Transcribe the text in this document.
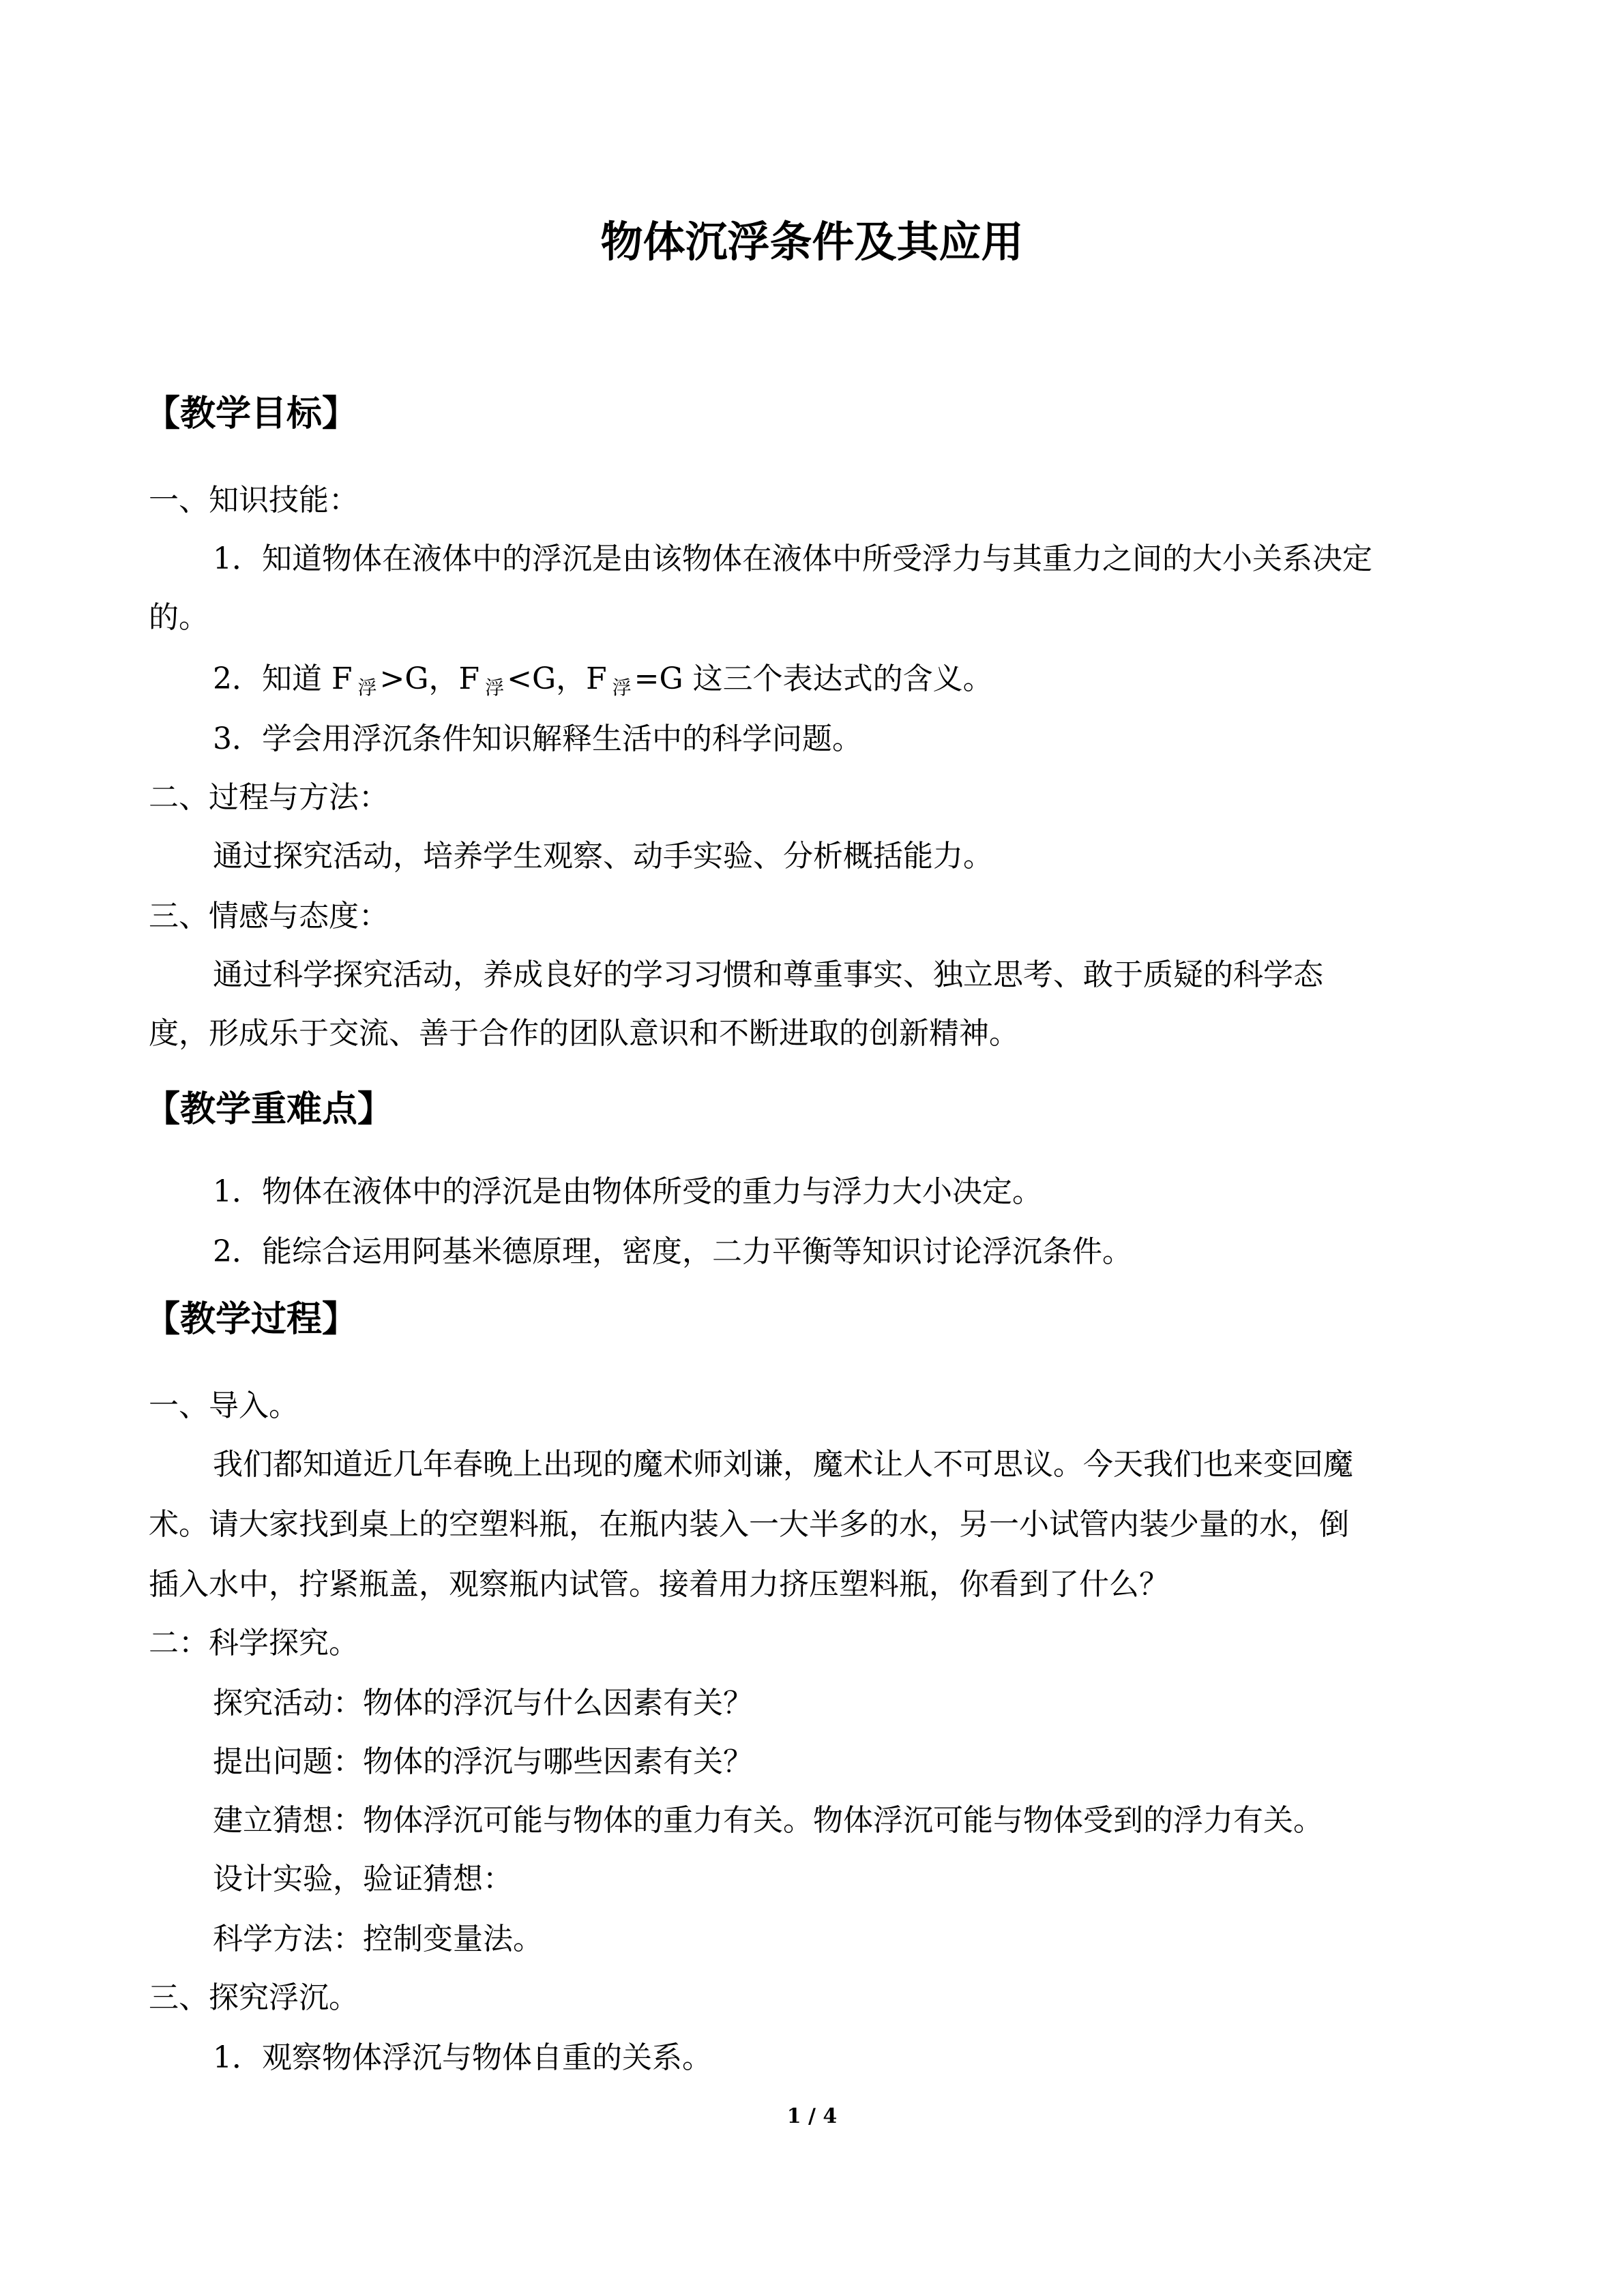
物体沉浮条件及其应用
【教学目标】
一、知识技能：
1．知道物体在液体中的浮沉是由该物体在液体中所受浮力与其重力之间的大小关系决定
的。
2．知道 F $_浮$>G，F $_浮$<G，F $_浮$=G 这三个表达式的含义。
3．学会用浮沉条件知识解释生活中的科学问题。
二、过程与方法：
通过探究活动，培养学生观察、动手实验、分析概括能力。
三、情感与态度：
通过科学探究活动，养成良好的学习习惯和尊重事实、独立思考、敢于质疑的科学态
度，形成乐于交流、善于合作的团队意识和不断进取的创新精神。
【教学重难点】
1．物体在液体中的浮沉是由物体所受的重力与浮力大小决定。
2．能综合运用阿基米德原理，密度，二力平衡等知识讨论浮沉条件。
【教学过程】
一、导入。
我们都知道近几年春晚上出现的魔术师刘谦，魔术让人不可思议。今天我们也来变回魔
术。请大家找到桌上的空塑料瓶，在瓶内装入一大半多的水，另一小试管内装少量的水，倒
插入水中，拧紧瓶盖，观察瓶内试管。接着用力挤压塑料瓶，你看到了什么？
二：科学探究。
探究活动：物体的浮沉与什么因素有关？
提出问题：物体的浮沉与哪些因素有关？
建立猜想：物体浮沉可能与物体的重力有关。物体浮沉可能与物体受到的浮力有关。
设计实验，验证猜想：
科学方法：控制变量法。
三、探究浮沉。
1．观察物体浮沉与物体自重的关系。
1 / 4
